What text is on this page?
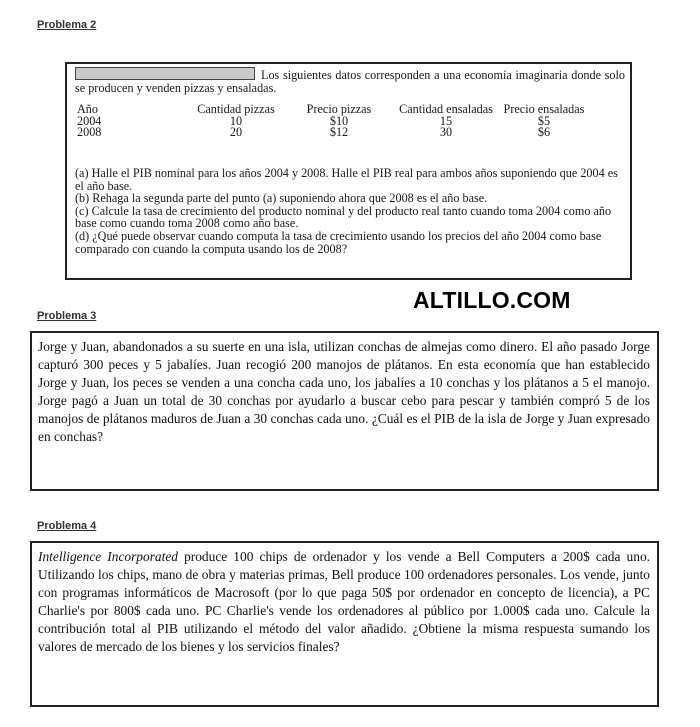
Problema 2
Los siguientes datos corresponden a una economía imaginaria donde solo se producen y venden pizzas y ensaladas.
Año	Cantidad pizzas	Precio pizzas	Cantidad ensaladas	Precio ensaladas
2004	10	$10	15	$5
2008	20	$12	30	$6

(a) Halle el PIB nominal para los años 2004 y 2008. Halle el PIB real para ambos años suponiendo que 2004 es el año base.

(b) Rehaga la segunda parte del punto (a) suponiendo ahora que 2008 es el año base.

(c) Calcule la tasa de crecimiento del producto nominal y del producto real tanto cuando toma 2004 como año base como cuando toma 2008 como año base.

(d) ¿Qué puede observar cuando computa la tasa de crecimiento usando los precios del año 2004 como base comparado con cuando la computa usando los de 2008?

ALTILLO.COM
Problema 3
Jorge y Juan, abandonados a su suerte en una isla, utilizan conchas de almejas como dinero. El año pasado Jorge capturó 300 peces y 5 jabalíes. Juan recogió 200 manojos de plátanos. En esta economía que han establecido Jorge y Juan, los peces se venden a una concha cada uno, los jabalíes a 10 conchas y los plátanos a 5 el manojo. Jorge pagó a Juan un total de 30 conchas por ayudarlo a buscar cebo para pescar y también compró 5 de los manojos de plátanos maduros de Juan a 30 conchas cada uno. ¿Cuál es el PIB de la isla de Jorge y Juan expresado en conchas?
Problema 4
Intelligence Incorporated produce 100 chips de ordenador y los vende a Bell Computers a 200$ cada uno. Utilizando los chips, mano de obra y materias primas, Bell produce 100 ordenadores personales. Los vende, junto con programas informáticos de Macrosoft (por lo que paga 50$ por ordenador en concepto de licencia), a PC Charlie's por 800$ cada uno. PC Charlie's vende los ordenadores al público por 1.000$ cada uno. Calcule la contribución total al PIB utilizando el método del valor añadido. ¿Obtiene la misma respuesta sumando los valores de mercado de los bienes y los servicios finales?
